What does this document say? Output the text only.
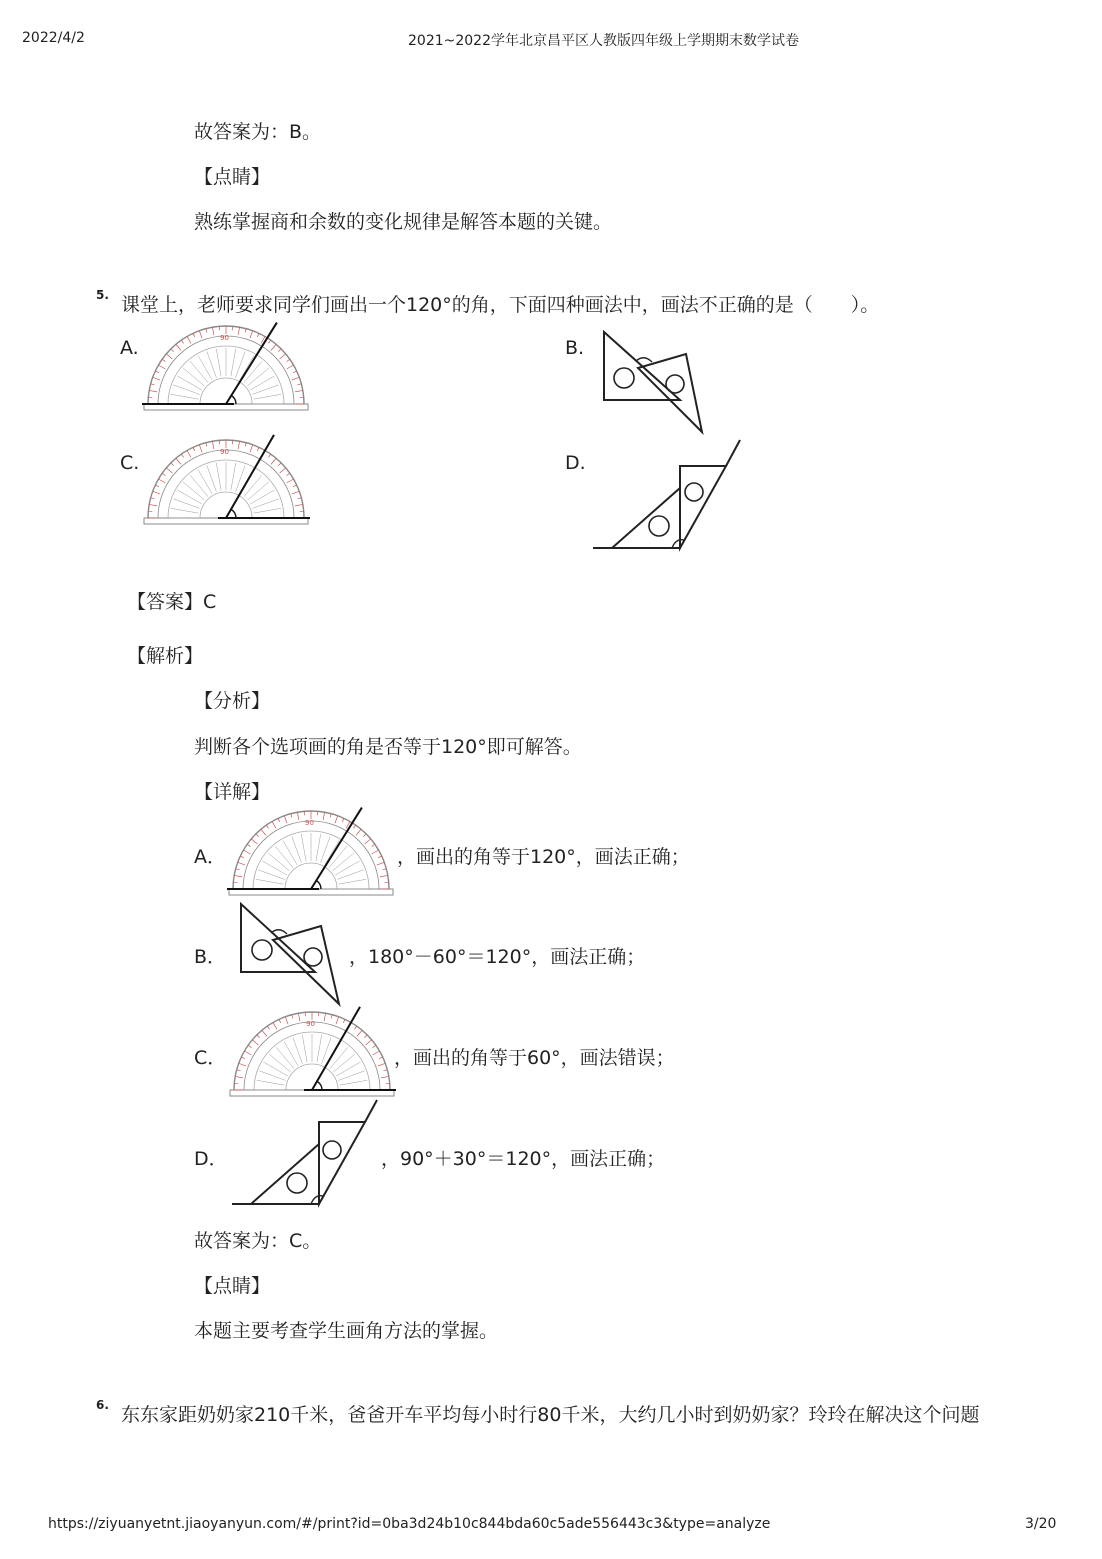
2022/4/2	2021~2022学年北京昌平区人教版四年级上学期期末数学试卷
故答案为：B。
【点睛】
熟练掌握商和余数的变化规律是解答本题的关键。
5. 课堂上，老师要求同学们画出一个120°的角，下面四种画法中，画法不正确的是（　　）。
A.	B.
C.	D.
90
90
【答案】C
【解析】
【分析】
判断各个选项画的角是否等于120°即可解答。
【详解】
A．
90
，画出的角等于120°，画法正确；
B．	，180°－60°＝120°，画法正确；
C．
90
，画出的角等于60°，画法错误；
D．	，90°＋30°＝120°，画法正确；
故答案为：C。
【点睛】
本题主要考查学生画角方法的掌握。
6. 东东家距奶奶家210千米，爸爸开车平均每小时行80千米，大约几小时到奶奶家？玲玲在解决这个问题
https://ziyuanyetnt.jiaoyanyun.com/#/print?id=0ba3d24b10c844bda60c5ade556443c3&type=analyze	3/20
